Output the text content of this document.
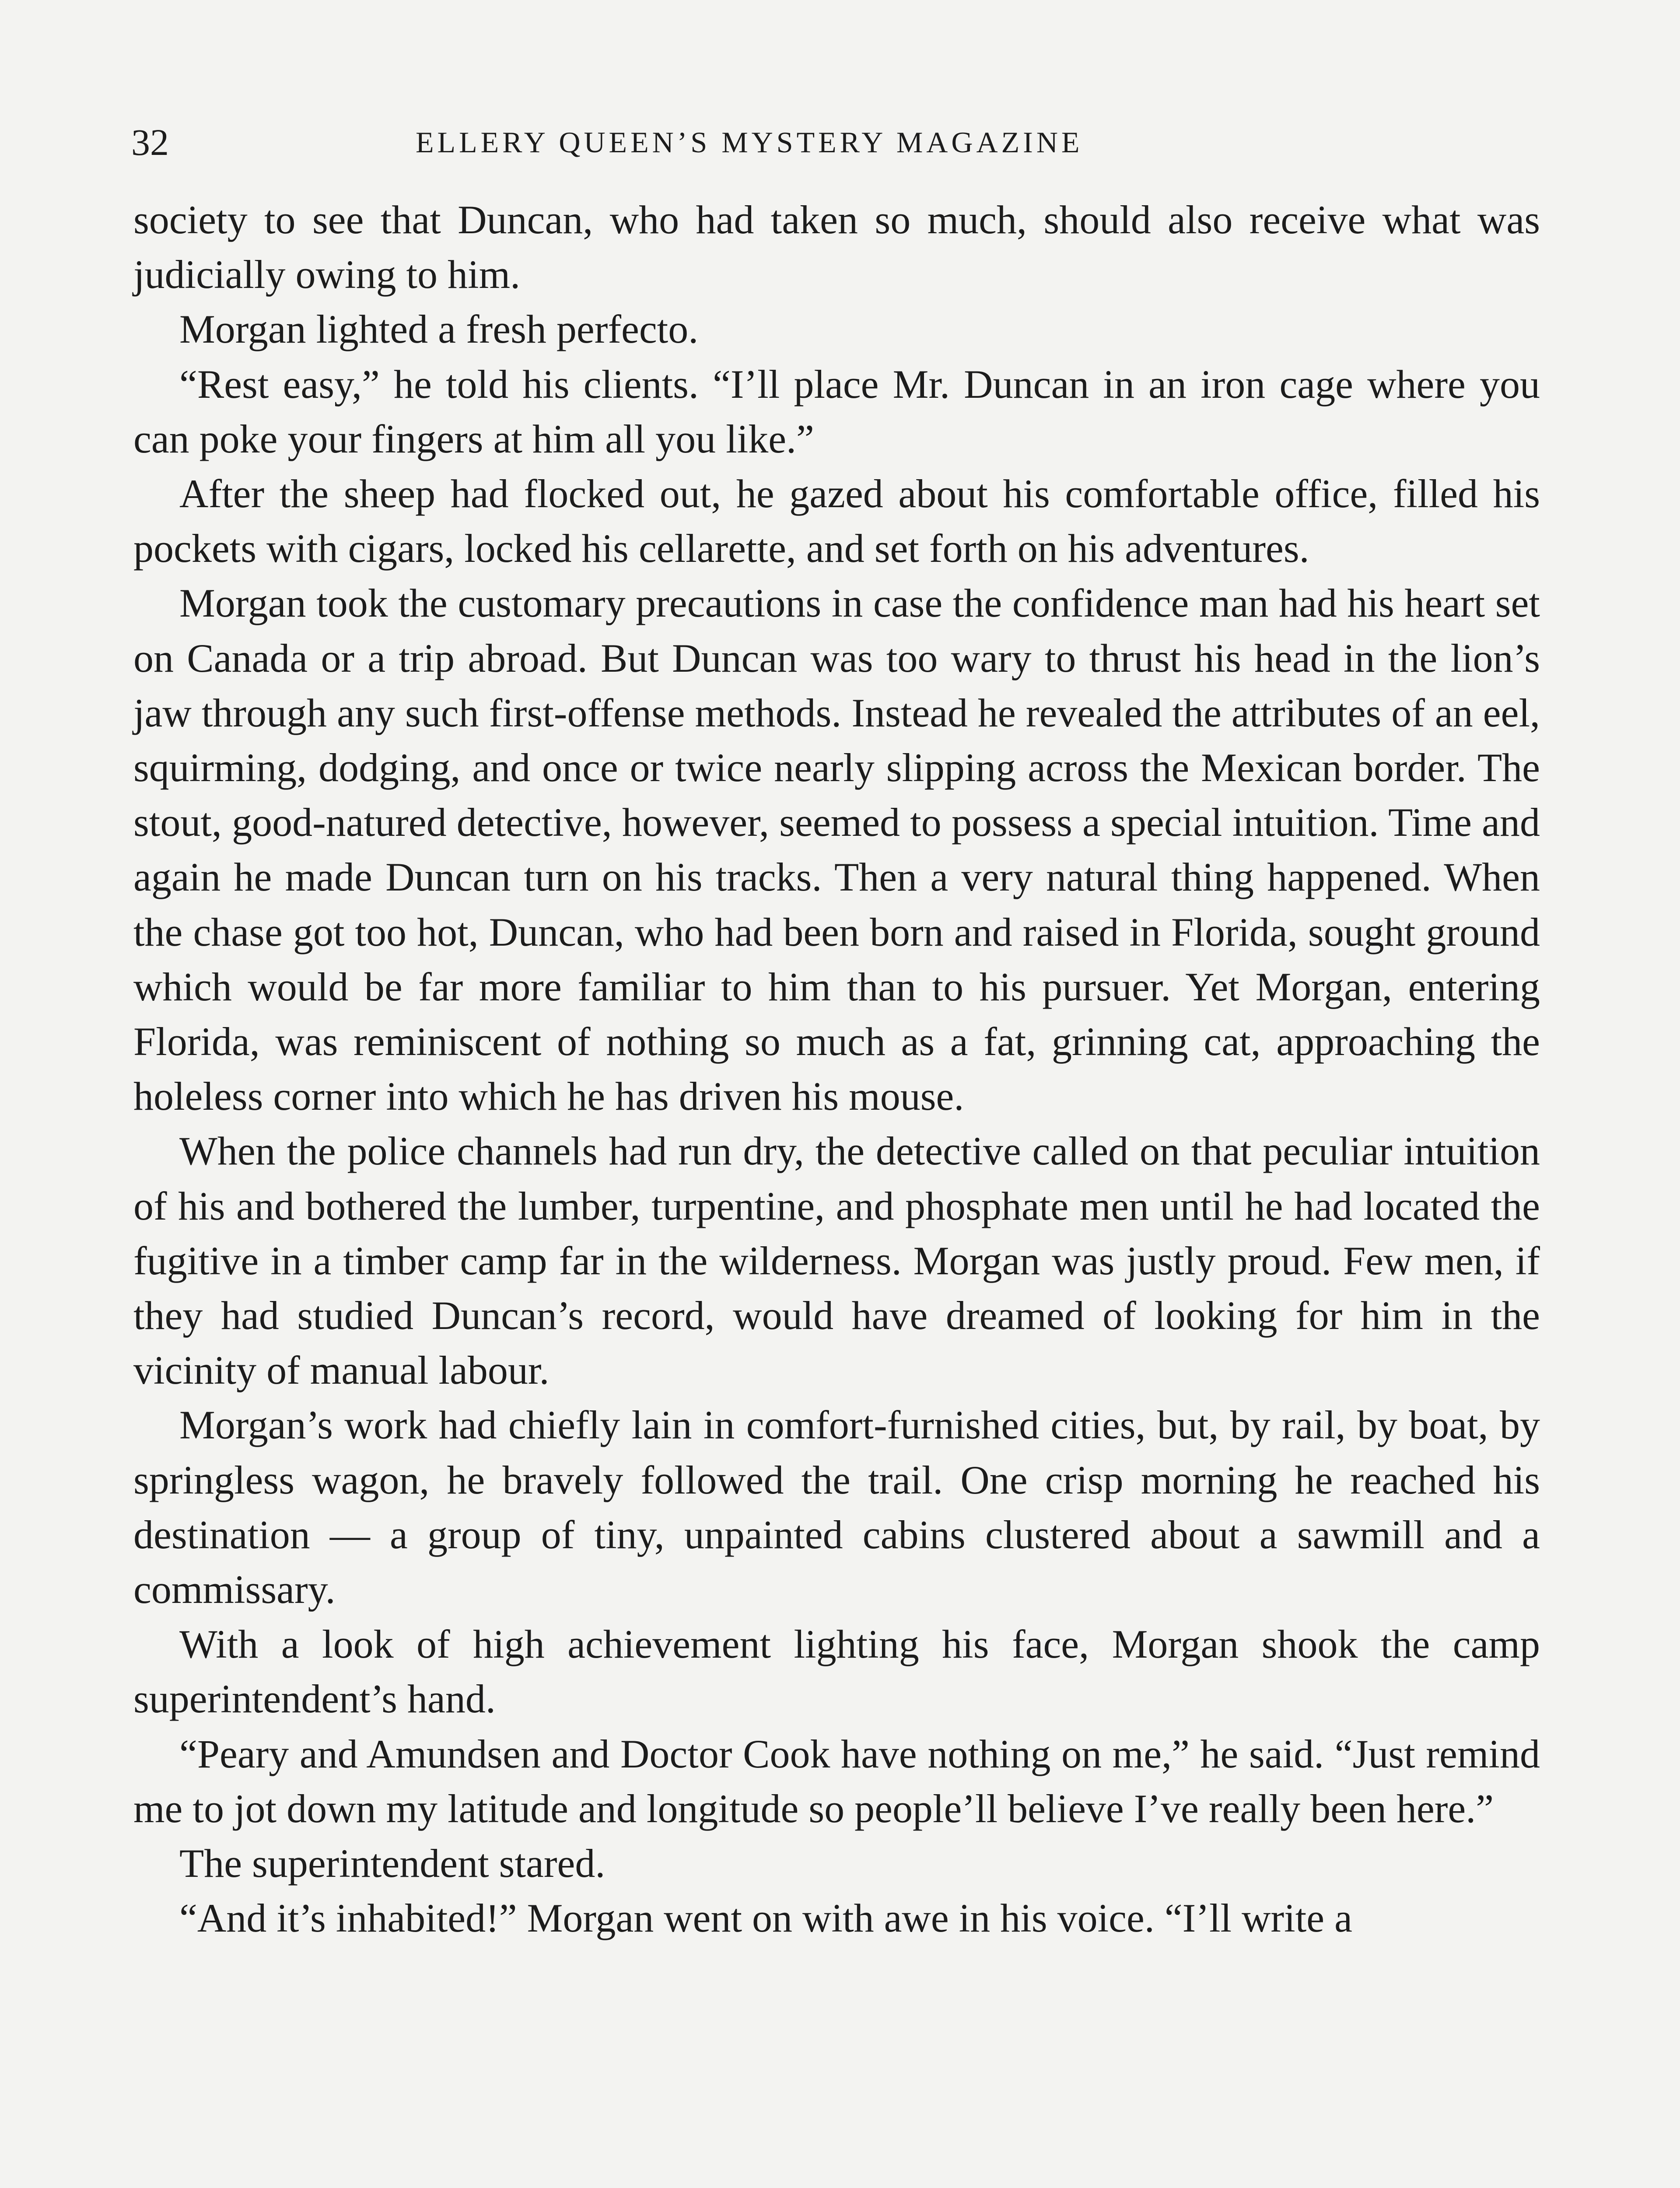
32	ELLERY QUEEN’S MYSTERY MAGAZINE

society to see that Duncan, who had taken so much, should also receive what was judicially owing to him.

Morgan lighted a fresh perfecto.

“Rest easy,” he told his clients. “I’ll place Mr. Duncan in an iron cage where you can poke your fingers at him all you like.”

After the sheep had flocked out, he gazed about his comfortable office, filled his pockets with cigars, locked his cellarette, and set forth on his adventures.

Morgan took the customary precautions in case the confidence man had his heart set on Canada or a trip abroad. But Duncan was too wary to thrust his head in the lion’s jaw through any such first-offense methods. Instead he revealed the attributes of an eel, squirming, dodging, and once or twice nearly slipping across the Mexican border. The stout, good-natured detective, however, seemed to possess a special intuition. Time and again he made Duncan turn on his tracks. Then a very natural thing happened. When the chase got too hot, Duncan, who had been born and raised in Florida, sought ground which would be far more familiar to him than to his pursuer. Yet Morgan, entering Florida, was reminiscent of nothing so much as a fat, grinning cat, approaching the holeless corner into which he has driven his mouse.

When the police channels had run dry, the detective called on that peculiar intuition of his and bothered the lumber, turpentine, and phosphate men until he had located the fugitive in a timber camp far in the wilderness. Morgan was justly proud. Few men, if they had studied Duncan’s record, would have dreamed of looking for him in the vicinity of manual labour.

Morgan’s work had chiefly lain in comfort-furnished cities, but, by rail, by boat, by springless wagon, he bravely followed the trail. One crisp morning he reached his destination — a group of tiny, unpainted cabins clustered about a sawmill and a commissary.

With a look of high achievement lighting his face, Morgan shook the camp superintendent’s hand.

“Peary and Amundsen and Doctor Cook have nothing on me,” he said. “Just remind me to jot down my latitude and longitude so people’ll believe I’ve really been here.”

The superintendent stared.

“And it’s inhabited!” Morgan went on with awe in his voice. “I’ll write a
